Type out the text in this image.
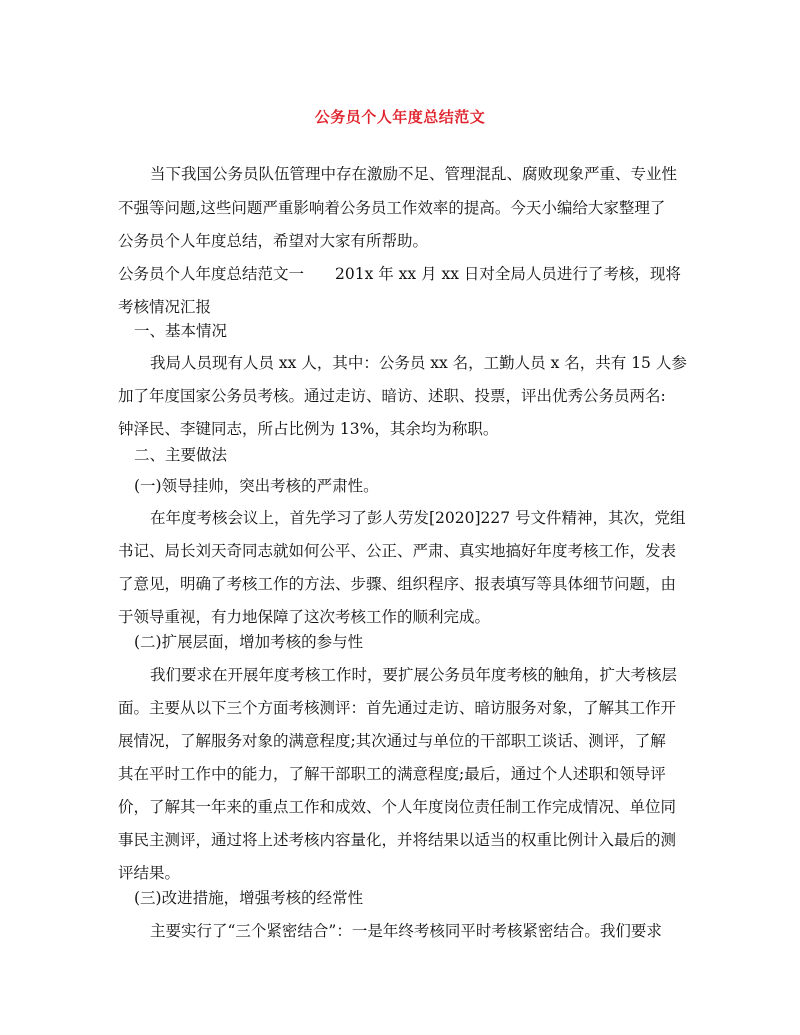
公务员个人年度总结范文
当下我国公务员队伍管理中存在激励不足、管理混乱、腐败现象严重、专业性
不强等问题,这些问题严重影响着公务员工作效率的提高。今天小编给大家整理了
公务员个人年度总结，希望对大家有所帮助。
公务员个人年度总结范文一 201x 年 xx 月 xx 日对全局人员进行了考核，现将
考核情况汇报
一、基本情况
我局人员现有人员 xx 人，其中：公务员 xx 名，工勤人员 x 名，共有 15 人参
加了年度国家公务员考核。通过走访、暗访、述职、投票，评出优秀公务员两名:
钟泽民、李键同志，所占比例为 13%，其余均为称职。
二、主要做法
(一)领导挂帅，突出考核的严肃性。
在年度考核会议上，首先学习了彭人劳发[2020]227 号文件精神，其次，党组
书记、局长刘天奇同志就如何公平、公正、严肃、真实地搞好年度考核工作，发表
了意见，明确了考核工作的方法、步骤、组织程序、报表填写等具体细节问题，由
于领导重视，有力地保障了这次考核工作的顺利完成。
(二)扩展层面，增加考核的参与性
我们要求在开展年度考核工作时，要扩展公务员年度考核的触角，扩大考核层
面。主要从以下三个方面考核测评：首先通过走访、暗访服务对象，了解其工作开
展情况，了解服务对象的满意程度;其次通过与单位的干部职工谈话、测评，了解
其在平时工作中的能力，了解干部职工的满意程度;最后，通过个人述职和领导评
价，了解其一年来的重点工作和成效、个人年度岗位责任制工作完成情况、单位同
事民主测评，通过将上述考核内容量化，并将结果以适当的权重比例计入最后的测
评结果。
(三)改进措施，增强考核的经常性
主要实行了“三个紧密结合”：一是年终考核同平时考核紧密结合。我们要求
